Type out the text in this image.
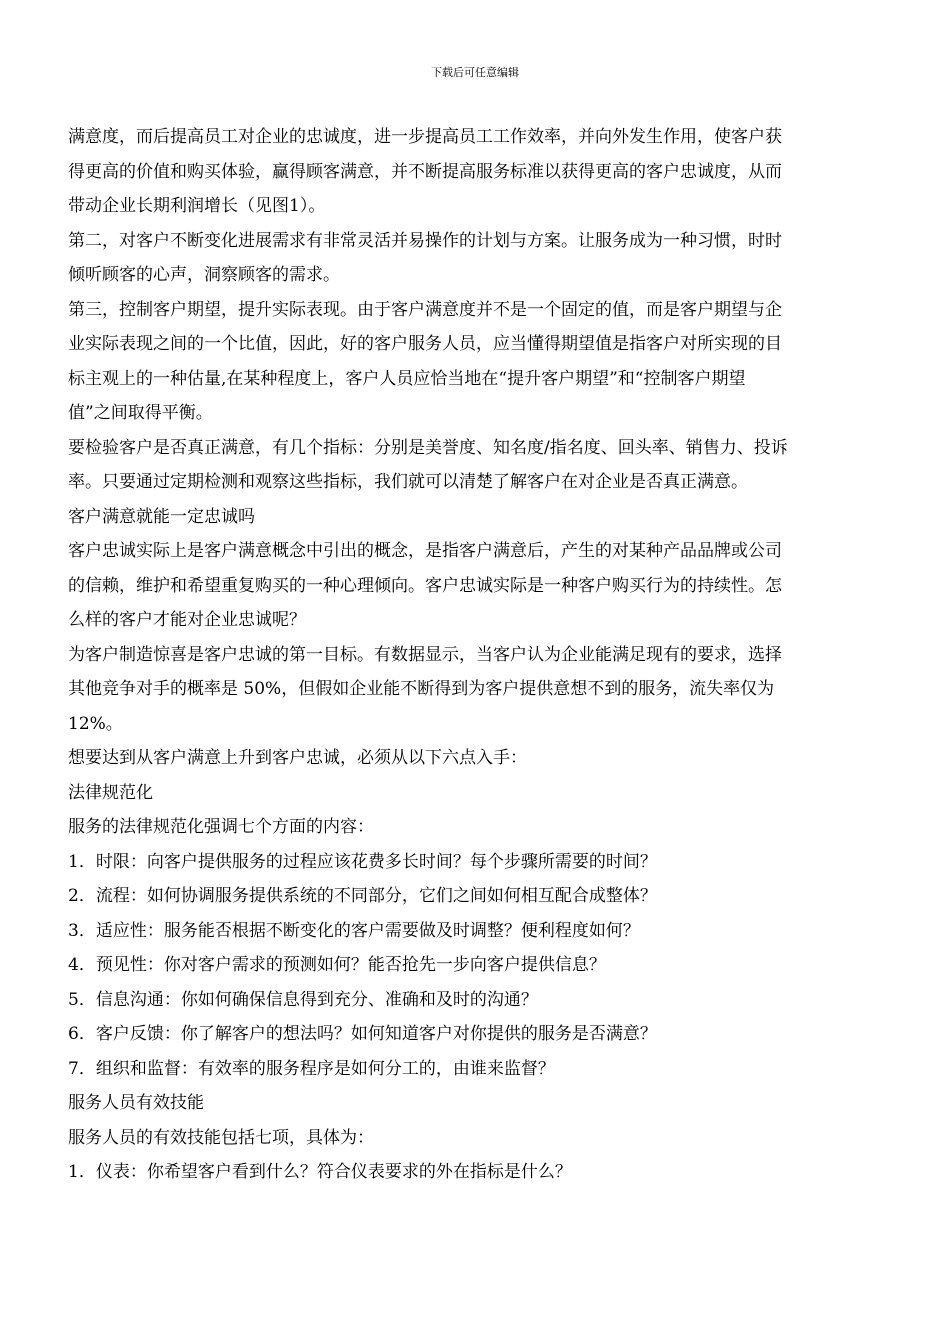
下载后可任意编辑
满意度，而后提高员工对企业的忠诚度，进一步提高员工工作效率，并向外发生作用，使客户获
得更高的价值和购买体验，赢得顾客满意，并不断提高服务标准以获得更高的客户忠诚度，从而
带动企业长期利润增长（见图1）。
第二，对客户不断变化进展需求有非常灵活并易操作的计划与方案。让服务成为一种习惯，时时
倾听顾客的心声，洞察顾客的需求。
第三，控制客户期望，提升实际表现。由于客户满意度并不是一个固定的值，而是客户期望与企
业实际表现之间的一个比值，因此，好的客户服务人员，应当懂得期望值是指客户对所实现的目
标主观上的一种估量,在某种程度上，客户人员应恰当地在“提升客户期望”和“控制客户期望
值”之间取得平衡。
要检验客户是否真正满意，有几个指标：分别是美誉度、知名度/指名度、回头率、销售力、投诉
率。只要通过定期检测和观察这些指标，我们就可以清楚了解客户在对企业是否真正满意。
客户满意就能一定忠诚吗
客户忠诚实际上是客户满意概念中引出的概念，是指客户满意后，产生的对某种产品品牌或公司
的信赖，维护和希望重复购买的一种心理倾向。客户忠诚实际是一种客户购买行为的持续性。怎
么样的客户才能对企业忠诚呢？
为客户制造惊喜是客户忠诚的第一目标。有数据显示，当客户认为企业能满足现有的要求，选择
其他竞争对手的概率是 50%，但假如企业能不断得到为客户提供意想不到的服务，流失率仅为
12%。
想要达到从客户满意上升到客户忠诚，必须从以下六点入手：
法律规范化
服务的法律规范化强调七个方面的内容：
1．时限：向客户提供服务的过程应该花费多长时间？每个步骤所需要的时间？
2．流程：如何协调服务提供系统的不同部分，它们之间如何相互配合成整体？
3．适应性：服务能否根据不断变化的客户需要做及时调整？便利程度如何？
4．预见性：你对客户需求的预测如何？能否抢先一步向客户提供信息？
5．信息沟通：你如何确保信息得到充分、准确和及时的沟通？
6．客户反馈：你了解客户的想法吗？如何知道客户对你提供的服务是否满意？
7．组织和监督：有效率的服务程序是如何分工的，由谁来监督？
服务人员有效技能
服务人员的有效技能包括七项，具体为：
1．仪表：你希望客户看到什么？符合仪表要求的外在指标是什么？
